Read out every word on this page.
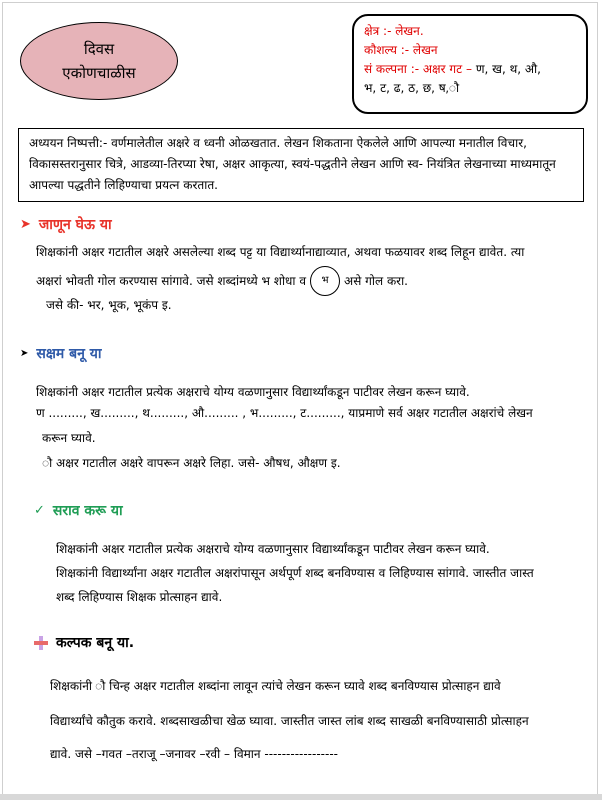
दिवस
एकोणचाळीस
क्षेत्र :- लेखन.
कौशल्य :- लेखन
सं कल्पना :- अक्षर गट – ण, ख, थ, औ,
भ, ट, ढ, ठ, छ, ष,ौ
अध्ययन निष्पत्ती:- वर्णमालेतील अक्षरे व ध्वनी ओळखतात. लेखन शिकताना ऐकलेले आणि आपल्या मनातील विचार, विकासस्तरानुसार चित्रे, आडव्या-तिरप्या रेषा, अक्षर आकृत्या, स्वयं-पद्धतीने लेखन आणि स्व- नियंत्रित लेखनाच्या माध्यमातून आपल्या पद्धतीने लिहिण्याचा प्रयत्न करतात.
➤ जाणून घेऊ या
शिक्षकांनी अक्षर गटातील अक्षरे असलेल्या शब्द पट्ट या विद्यार्थ्यानाद्याव्यात, अथवा फळयावर शब्द लिहून द्यावेत. त्या
अक्षरां भोवती गोल करण्यास सांगावे. जसे शब्दांमध्ये भ शोधा व	भ	असे गोल करा.
जसे की- भर, भूक, भूकंप इ.
➤ सक्षम बनू या
शिक्षकांनी अक्षर गटातील प्रत्येक अक्षराचे योग्य वळणानुसार विद्यार्थ्यांकडून पाटीवर लेखन करून घ्यावे.
ण ........., ख........., थ........., औ......... , भ........., ट........., याप्रमाणे सर्व अक्षर गटातील अक्षरांचे लेखन
करून घ्यावे.
ौ अक्षर गटातील अक्षरे वापरून अक्षरे लिहा. जसे- औषध, औक्षण इ.
✓ सराव करू या
शिक्षकांनी अक्षर गटातील प्रत्येक अक्षराचे योग्य वळणानुसार विद्यार्थ्यांकडून पाटीवर लेखन करून घ्यावे.
शिक्षकांनी विद्यार्थ्यांना अक्षर गटातील अक्षरांपासून अर्थपूर्ण शब्द बनविण्यास व लिहिण्यास सांगावे. जास्तीत जास्त
शब्द लिहिण्यास शिक्षक प्रोत्साहन द्यावे.
कल्पक बनू या.
शिक्षकांनी ौ चिन्ह अक्षर गटातील शब्दांना लावून त्यांचे लेखन करून घ्यावे शब्द बनविण्यास प्रोत्साहन द्यावे
विद्यार्थ्यांचे कौतुक करावे. शब्दसाखळीचा खेळ घ्यावा. जास्तीत जास्त लांब शब्द साखळी बनविण्यासाठी प्रोत्साहन
द्यावे. जसे –गवत –तराजू –जनावर –रवी – विमान -----------------
